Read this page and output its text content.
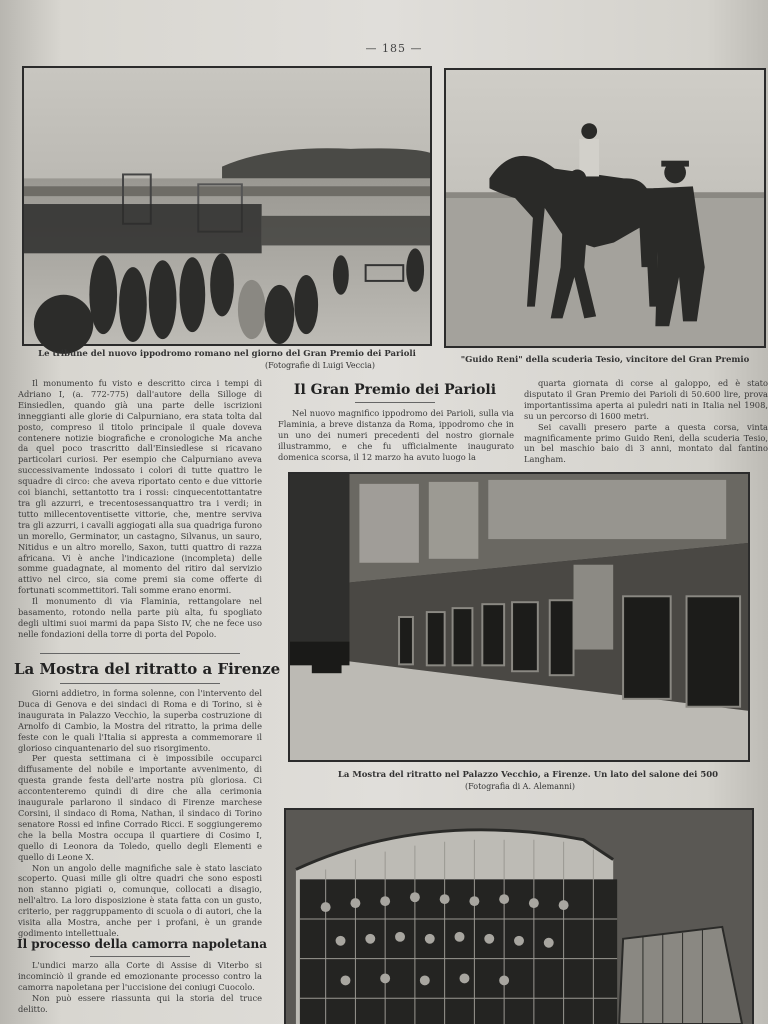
— 185 —
Le tribune del nuovo ippodromo romano nel giorno del Gran Premio dei Parioli
(Fotografie di Luigi Veccia)
"Guido Reni" della scuderia Tesio, vincitore del Gran Premio

Il monumento fu visto e descritto circa i tempi di Adriano I, (a. 772-775) dall'autore della Silloge di Einsiedlen, quando già una parte delle iscrizioni inneggianti alle glorie di Calpurniano, era stata tolta dal posto, compreso il titolo principale il quale doveva contenere notizie biografiche e cronologiche Ma anche da quel poco trascritto dall'Einsiedlese si ricavano particolari curiosi. Per esempio che Calpurniano aveva successivamente indossato i colori di tutte quattro le squadre di circo: che aveva riportato cento e due vittorie coi bianchi, settantotto tra i rossi: cinquecentottantatre tra gli azzurri, e trecentosessanquattro tra i verdi; in tutto millecentoventisette vittorie, che, mentre serviva tra gli azzurri, i cavalli aggiogati alla sua quadriga furono un morello, Germinator, un castagno, Silvanus, un sauro, Nitidus e un altro morello, Saxon, tutti quattro di razza africana. Vi è anche l'indicazione (incompleta) delle somme guadagnate, al momento del ritiro dal servizio attivo nel circo, sia come premi sia come offerte di fortunati scommettitori. Tali somme erano enormi.

Il monumento di via Flaminia, rettangolare nel basamento, rotondo nella parte più alta, fu spogliato degli ultimi suoi marmi da papa Sisto IV, che ne fece uso nelle fondazioni della torre di porta del Popolo.

La Mostra del ritratto a Firenze

Giorni addietro, in forma solenne, con l'intervento del Duca di Genova e dei sindaci di Roma e di Torino, si è inaugurata in Palazzo Vecchio, la superba costruzione di Arnolfo di Cambio, la Mostra del ritratto, la prima delle feste con le quali l'Italia si appresta a commemorare il glorioso cinquantenario del suo risorgimento.

Per questa settimana ci è impossibile occuparci diffusamente del nobile e importante avvenimento, di questa grande festa dell'arte nostra più gloriosa. Ci accontenteremo quindi di dire che alla cerimonia inaugurale parlarono il sindaco di Firenze marchese Corsini, il sindaco di Roma, Nathan, il sindaco di Torino senatore Rossi ed infine Corrado Ricci. E soggiungeremo che la bella Mostra occupa il quartiere di Cosimo I, quello di Leonora da Toledo, quello degli Elementi e quello di Leone X.

Non un angolo delle magnifiche sale è stato lasciato scoperto. Quasi mille gli oltre quadri che sono esposti non stanno pigiati o, comunque, collocati a disagio, nell'altro. La loro disposizione è stata fatta con un gusto, criterio, per raggruppamento di scuola o di autori, che la visita alla Mostra, anche per i profani, è un grande godimento intellettuale.

Il processo della camorra napoletana

L'undici marzo alla Corte di Assise di Viterbo si incominciò il grande ed emozionante processo contro la camorra napoletana per l'uccisione dei coniugi Cuocolo.

Non può essere riassunta qui la storia del truce delitto.

Il Gran Premio dei Parioli

Nel nuovo magnifico ippodromo dei Parioli, sulla via Flaminia, a breve distanza da Roma, ippodromo che in un uno dei numeri precedenti del nostro giornale illustrammo, e che fu ufficialmente inaugurato domenica scorsa, il 12 marzo ha avuto luogo la

quarta giornata di corse al galoppo, ed è stato disputato il Gran Premio dei Parioli di 50.600 lire, prova importantissima aperta ai puledri nati in Italia nel 1908, su un percorso di 1600 metri.

Sei cavalli presero parte a questa corsa, vinta magnificamente primo Guido Reni, della scuderia Tesio, un bel maschio baio di 3 anni, montato dal fantino Langham.

La Mostra del ritratto nel Palazzo Vecchio, a Firenze. Un lato del salone dei 500
(Fotografia di A. Alemanni)
